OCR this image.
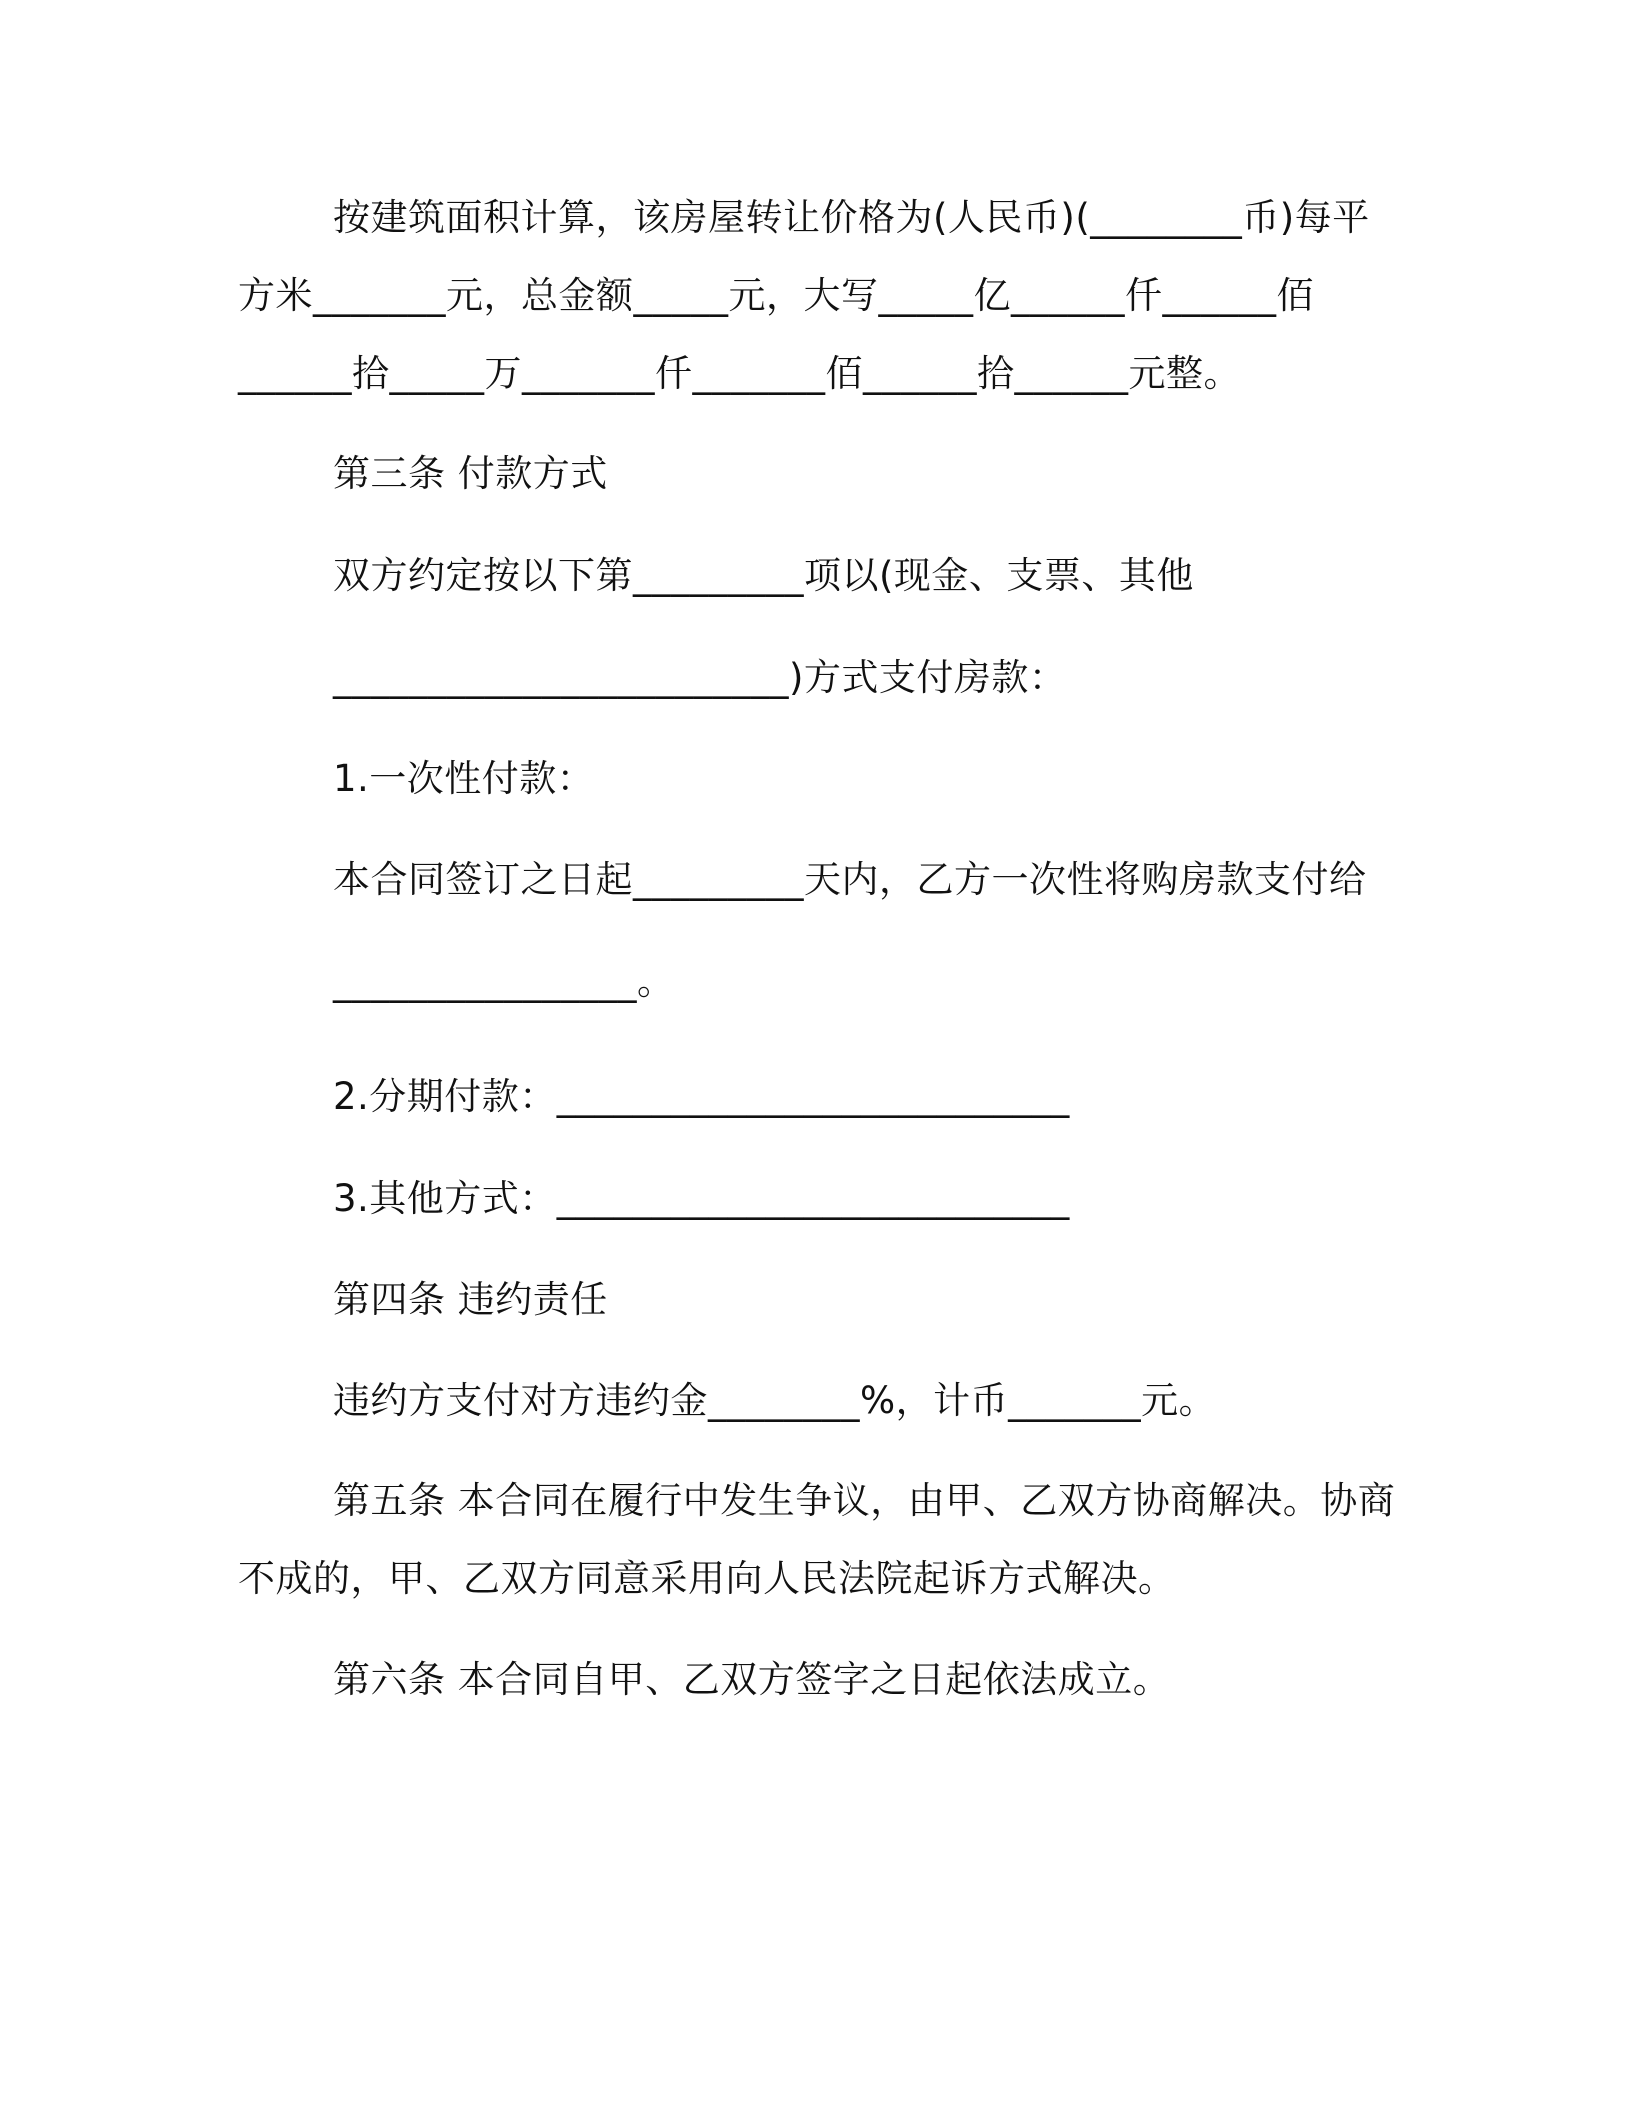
按建筑面积计算，该房屋转让价格为(人民币)(________币)每平
方米_______元，总金额_____元，大写_____亿______仟______佰
______拾_____万_______仟_______佰______拾______元整。
第三条 付款方式
双方约定按以下第_________项以(现金、支票、其他
________________________)方式支付房款：
1.一次性付款：
本合同签订之日起_________天内，乙方一次性将购房款支付给
________________。
2.分期付款：___________________________
3.其他方式：___________________________
第四条 违约责任
违约方支付对方违约金________%，计币_______元。
第五条 本合同在履行中发生争议，由甲、乙双方协商解决。协商
不成的，甲、乙双方同意采用向人民法院起诉方式解决。
第六条 本合同自甲、乙双方签字之日起依法成立。
